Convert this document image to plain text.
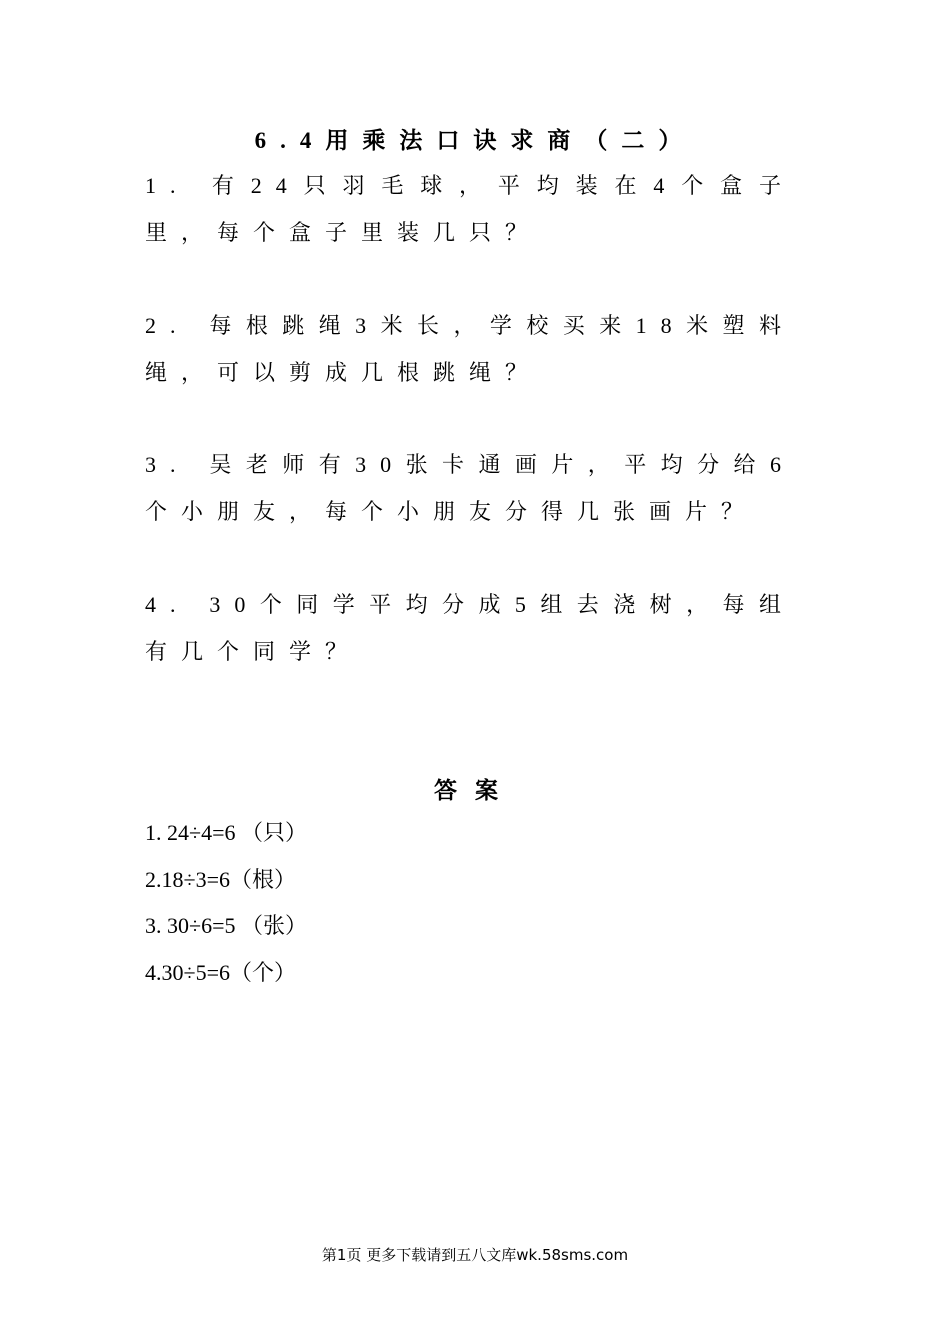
6.4用乘法口诀求商（二）
1. 有24只羽毛球，平均装在4个盒子里，每个盒子里装几只？
2. 每根跳绳3米长，学校买来18米塑料绳，可以剪成几根跳绳？
3. 吴老师有30张卡通画片，平均分给6个小朋友，每个小朋友分得几张画片？
4. 30个同学平均分成5组去浇树，每组有几个同学？
答案
1. 24÷4=6 （只）
2.18÷3=6（根）
3. 30÷6=5 （张）
4.30÷5=6（个）
第1页 更多下载请到五八文库wk.58sms.com
